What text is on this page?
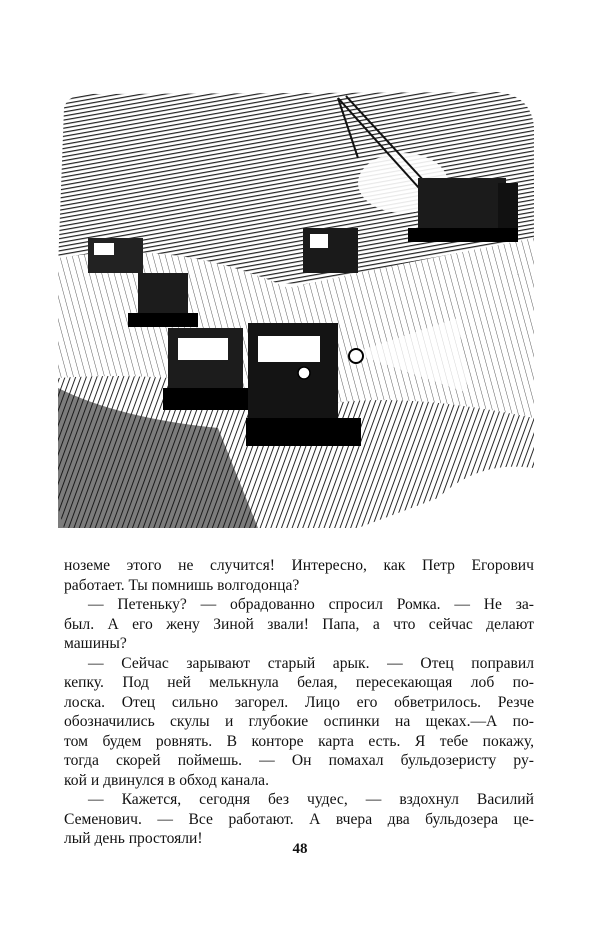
нозeме этого не случится! Интересно, как Петр Егорович
работает. Ты помнишь волгодонца?
— Петеньку? — обрадованно спросил Ромка. — Не за-
был. А его жену Зиной звали! Папа, а что сейчас делают
машины?
— Сейчас зарывают старый арык. — Отец поправил
кепку. Под ней мелькнула белая, пересекающая лоб по-
лоска. Отец сильно загорел. Лицо его обветрилось. Резче
обозначились скулы и глубокие оспинки на щеках.—А по-
том будем ровнять. В конторе карта есть. Я тебе покажу,
тогда скорей поймешь. — Он помахал бульдозеристу ру-
кой и двинулся в обход канала.
— Кажется, сегодня без чудес, — вздохнул Василий
Семенович. — Все работают. А вчера два бульдозера це-
лый день простояли!
48
